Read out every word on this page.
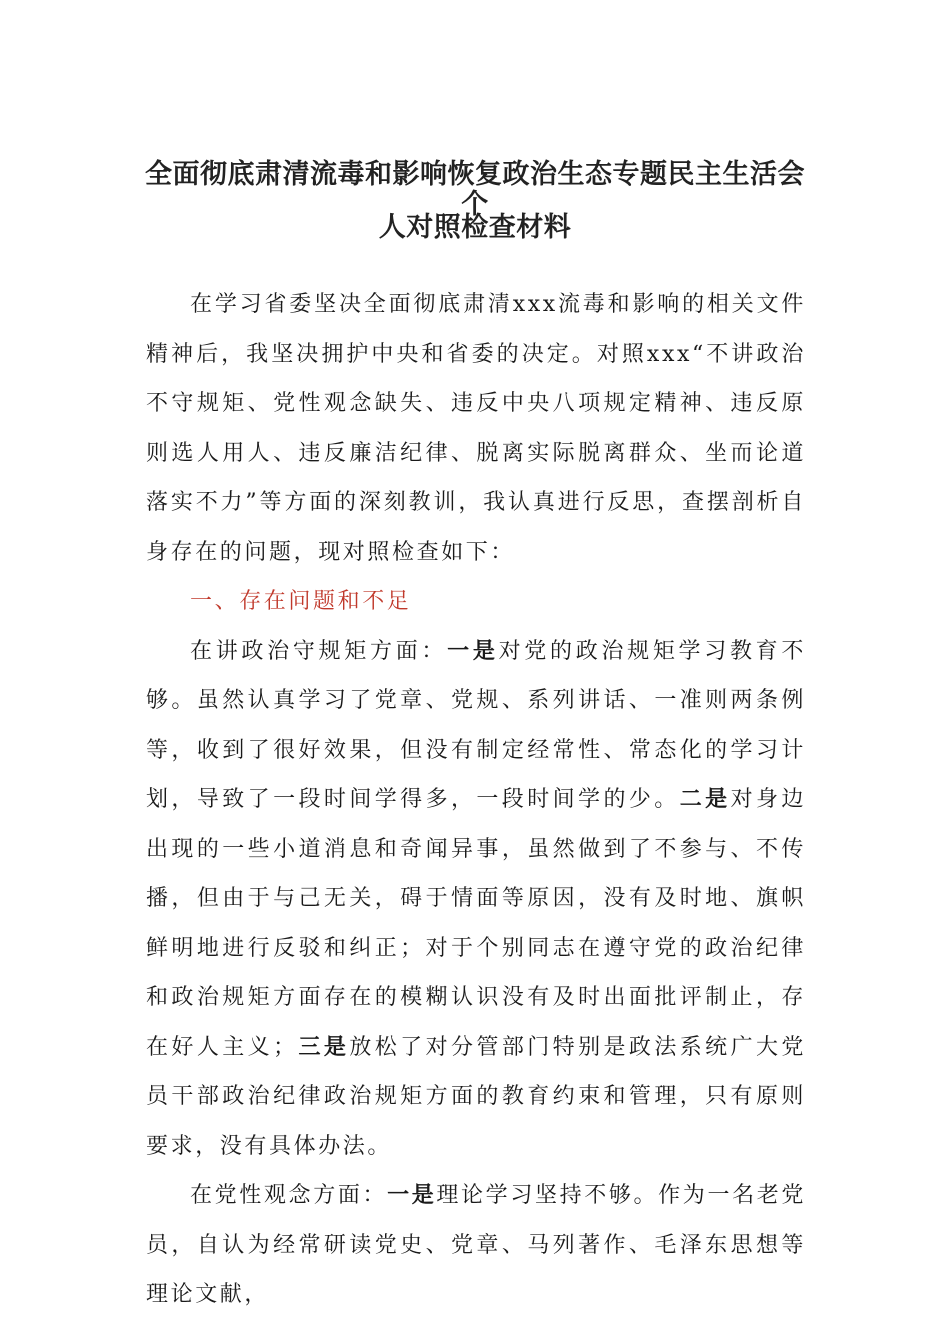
全面彻底肃清流毒和影响恢复政治生态专题民主生活会个
人对照检查材料

在学习省委坚决全面彻底肃清xxx流毒和影响的相关文件精神后，我坚决拥护中央和省委的决定。对照xxx“不讲政治不守规矩、党性观念缺失、违反中央八项规定精神、违反原则选人用人、违反廉洁纪律、脱离实际脱离群众、坐而论道落实不力”等方面的深刻教训，我认真进行反思，查摆剖析自身存在的问题，现对照检查如下：

一、存在问题和不足

在讲政治守规矩方面：一是对党的政治规矩学习教育不够。虽然认真学习了党章、党规、系列讲话、一准则两条例等，收到了很好效果，但没有制定经常性、常态化的学习计划，导致了一段时间学得多，一段时间学的少。二是对身边出现的一些小道消息和奇闻异事，虽然做到了不参与、不传播，但由于与己无关，碍于情面等原因，没有及时地、旗帜鲜明地进行反驳和纠正；对于个别同志在遵守党的政治纪律和政治规矩方面存在的模糊认识没有及时出面批评制止，存在好人主义；三是放松了对分管部门特别是政法系统广大党员干部政治纪律政治规矩方面的教育约束和管理，只有原则要求，没有具体办法。

在党性观念方面：一是理论学习坚持不够。作为一名老党员，自认为经常研读党史、党章、马列著作、毛泽东思想等理论文献，
